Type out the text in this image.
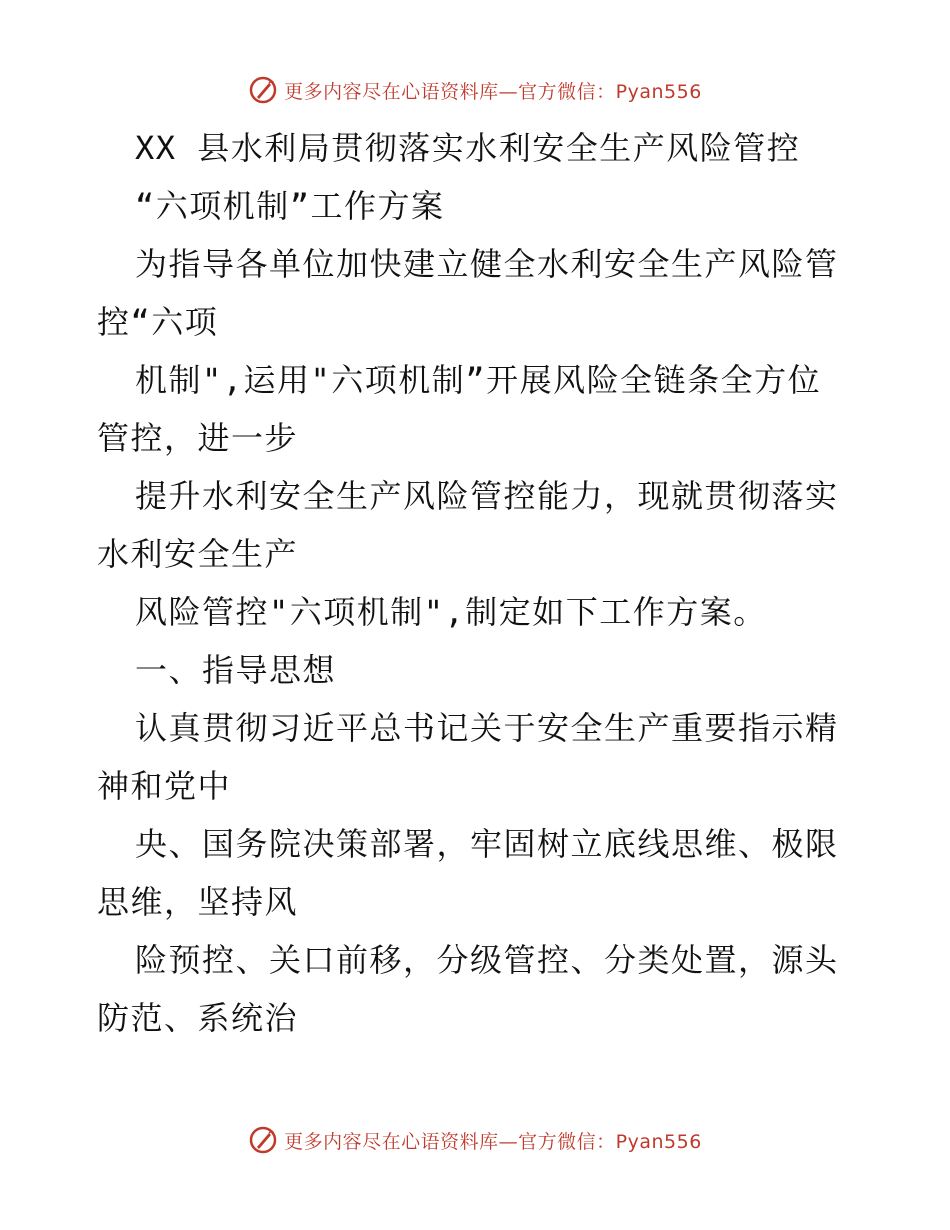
更多内容尽在心语资料库—官方微信：Pyan556
XX 县水利局贯彻落实水利安全生产风险管控
“六项机制”工作方案
为指导各单位加快建立健全水利安全生产风险管
控“六项
机制",运用"六项机制”开展风险全链条全方位
管控，进一步
提升水利安全生产风险管控能力，现就贯彻落实
水利安全生产
风险管控"六项机制",制定如下工作方案。
一、指导思想
认真贯彻习近平总书记关于安全生产重要指示精
神和党中
央、国务院决策部署，牢固树立底线思维、极限
思维，坚持风
险预控、关口前移，分级管控、分类处置，源头
防范、系统治
更多内容尽在心语资料库—官方微信：Pyan556
